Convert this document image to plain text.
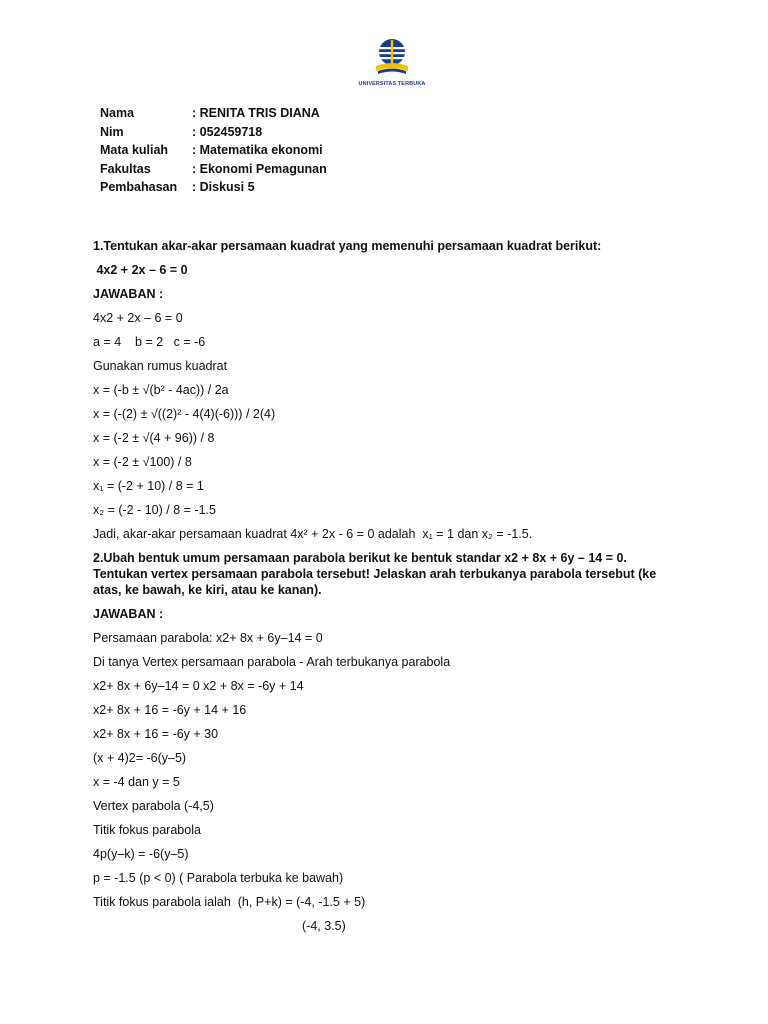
UNIVERSITAS TERBUKA
Nama	: RENITA TRIS DIANA
Nim	: 052459718
Mata kuliah	: Matematika ekonomi
Fakultas	: Ekonomi Pemagunan
Pembahasan	: Diskusi 5
1.Tentukan akar-akar persamaan kuadrat yang memenuhi persamaan kuadrat berikut:
4x2 + 2x – 6 = 0
JAWABAN :
4x2 + 2x – 6 = 0
a = 4    b = 2   c = -6
Gunakan rumus kuadrat
x = (-b ± √(b² - 4ac)) / 2a
x = (-(2) ± √((2)² - 4(4)(-6))) / 2(4)
x = (-2 ± √(4 + 96)) / 8
x = (-2 ± √100) / 8
x₁ = (-2 + 10) / 8 = 1
x₂ = (-2 - 10) / 8 = -1.5
Jadi, akar-akar persamaan kuadrat 4x² + 2x - 6 = 0 adalah  x₁ = 1 dan x₂ = -1.5.
2.Ubah bentuk umum persamaan parabola berikut ke bentuk standar x2 + 8x + 6y – 14 = 0. Tentukan vertex persamaan parabola tersebut! Jelaskan arah terbukanya parabola tersebut (ke atas, ke bawah, ke kiri, atau ke kanan).
JAWABAN :
Persamaan parabola: x2+ 8x + 6y–14 = 0
Di tanya Vertex persamaan parabola - Arah terbukanya parabola
x2+ 8x + 6y–14 = 0 x2 + 8x = -6y + 14
x2+ 8x + 16 = -6y + 14 + 16
x2+ 8x + 16 = -6y + 30
(x + 4)2= -6(y–5)
x = -4 dan y = 5
Vertex parabola (-4,5)
Titik fokus parabola
4p(y–k) = -6(y–5)
p = -1.5 (p < 0) ( Parabola terbuka ke bawah)
Titik fokus parabola ialah  (h, P+k) = (-4, -1.5 + 5)
(-4, 3.5)
